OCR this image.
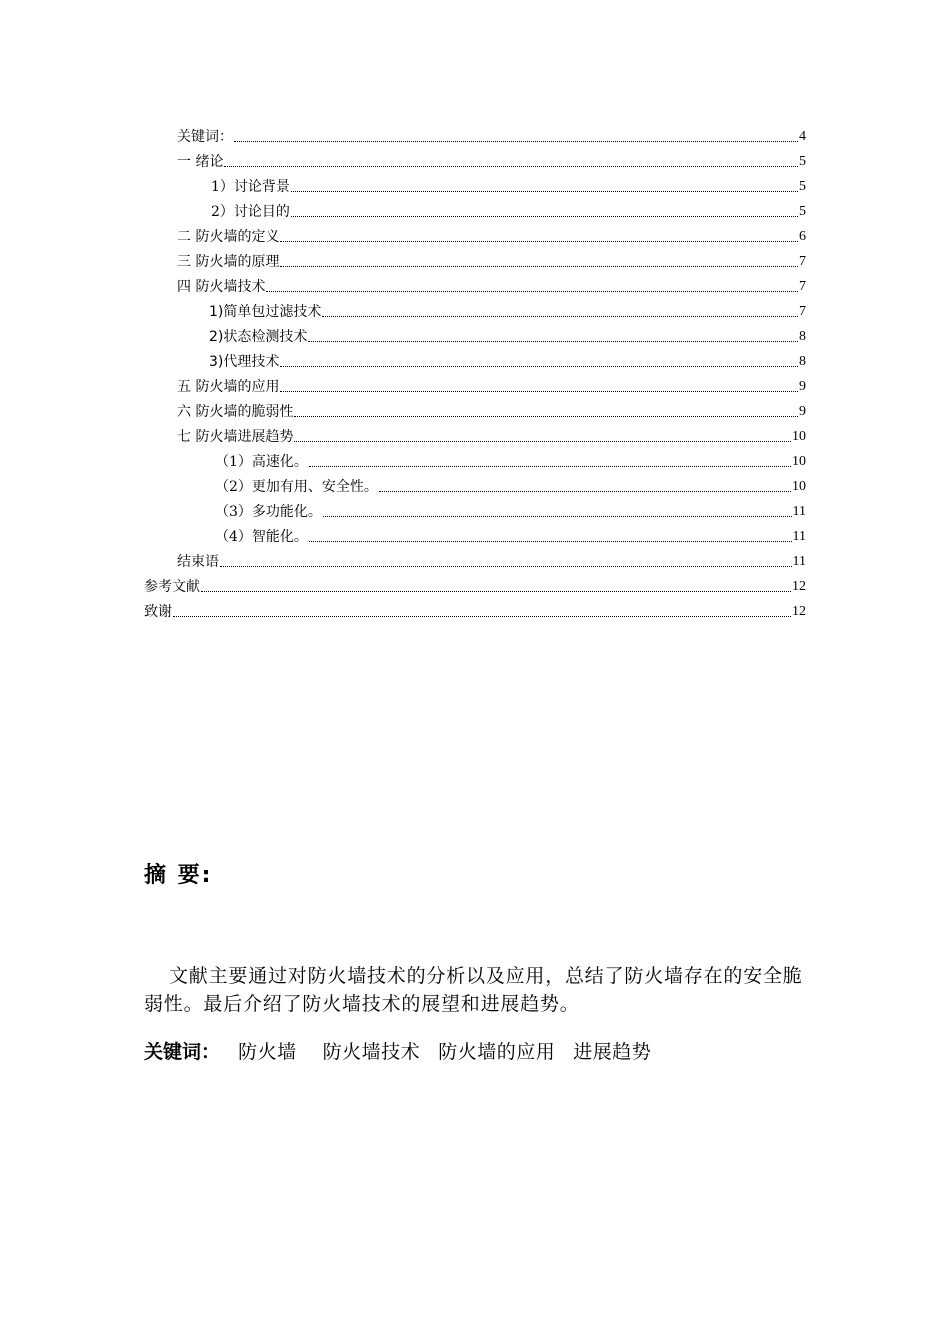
关键词：	4
一 绪论	5
1）讨论背景	5
2）讨论目的	5
二 防火墙的定义	6
三 防火墙的原理	7
四 防火墙技术	7
1)简单包过滤技术	7
2)状态检测技术	8
3)代理技术	8
五 防火墙的应用	9
六 防火墙的脆弱性	9
七 防火墙进展趋势	10
（1）高速化。	10
（2）更加有用、安全性。	10
（3）多功能化。	11
（4）智能化。	11
结束语	11
参考文献	12
致谢	12
摘 要:
文献主要通过对防火墙技术的分析以及应用，总结了防火墙存在的安全脆弱性。最后介绍了防火墙技术的展望和进展趋势。
关键词： 防火墙 防火墙技术 防火墙的应用 进展趋势
